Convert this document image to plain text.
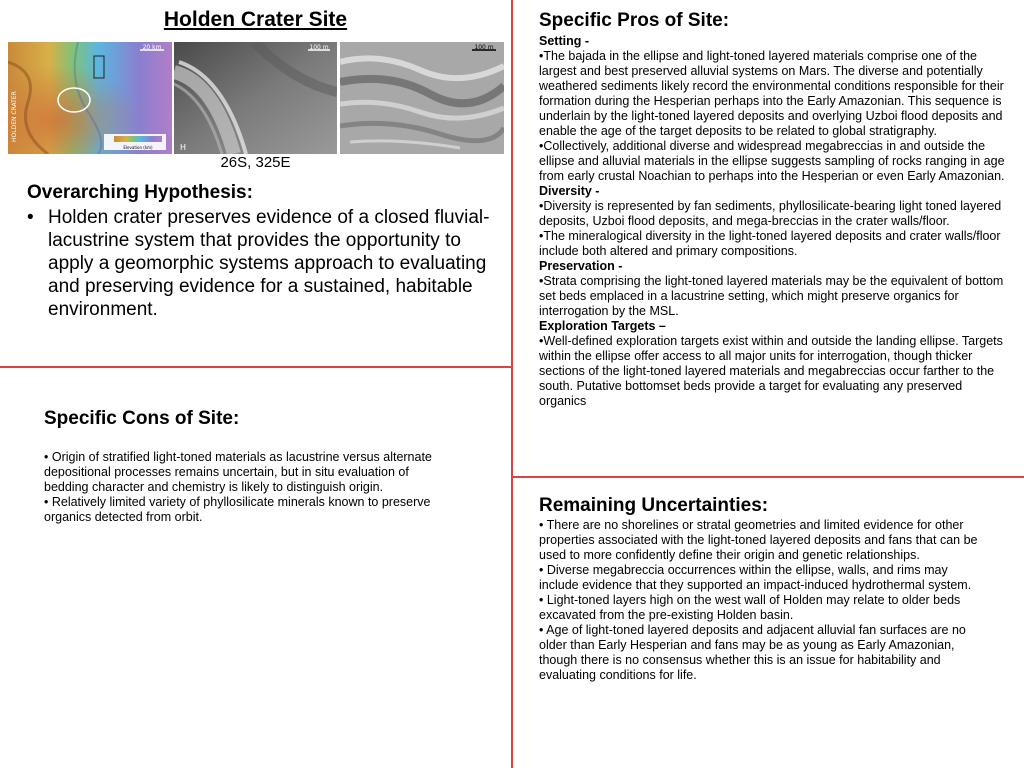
Holden Crater Site
Elevation (km)
HOLDEN CRATER
20 km
H
100 m	100 m
26S, 325E
Overarching Hypothesis:
• Holden crater preserves evidence of a closed fluvial-lacustrine system that provides the opportunity to apply a geomorphic systems approach to evaluating and preserving evidence for a sustained, habitable environment.
Specific Cons of Site:

• Origin of stratified light-toned materials as lacustrine versus alternate depositional processes remains uncertain, but in situ evaluation of bedding character and chemistry is likely to distinguish origin.

• Relatively limited variety of phyllosilicate minerals known to preserve organics detected from orbit.

Specific Pros of Site:

Setting -

•The bajada in the ellipse and light-toned layered materials comprise one of the largest and best preserved alluvial systems on Mars. The diverse and potentially weathered sediments likely record the environmental conditions responsible for their formation during the Hesperian perhaps into the Early Amazonian. This sequence is underlain by the light-toned layered deposits and overlying Uzboi flood deposits and enable the age of the target deposits to be related to global stratigraphy.

•Collectively, additional diverse and widespread megabreccias in and outside the ellipse and alluvial materials in the ellipse suggests sampling of rocks ranging in age from early crustal Noachian to perhaps into the Hesperian or even Early Amazonian.

Diversity -

•Diversity is represented by fan sediments, phyllosilicate-bearing light toned layered deposits, Uzboi flood deposits, and mega-breccias in the crater walls/floor.

•The mineralogical diversity in the light-toned layered deposits and crater walls/floor include both altered and primary compositions.

Preservation -

•Strata comprising the light-toned layered materials may be the equivalent of bottom set beds emplaced in a lacustrine setting, which might preserve organics for interrogation by the MSL.

Exploration Targets –

•Well-defined exploration targets exist within and outside the landing ellipse. Targets within the ellipse offer access to all major units for interrogation, though thicker sections of the light-toned layered materials and megabreccias occur farther to the south. Putative bottomset beds provide a target for evaluating any preserved organics

Remaining Uncertainties:

• There are no shorelines or stratal geometries and limited evidence for other properties associated with the light-toned layered deposits and fans that can be used to more confidently define their origin and genetic relationships.

• Diverse megabreccia occurrences within the ellipse, walls, and rims may include evidence that they supported an impact-induced hydrothermal system.

• Light-toned layers high on the west wall of Holden may relate to older beds excavated from the pre-existing Holden basin.

• Age of light-toned layered deposits and adjacent alluvial fan surfaces are no older than Early Hesperian and fans may be as young as Early Amazonian, though there is no consensus whether this is an issue for habitability and evaluating conditions for life.
